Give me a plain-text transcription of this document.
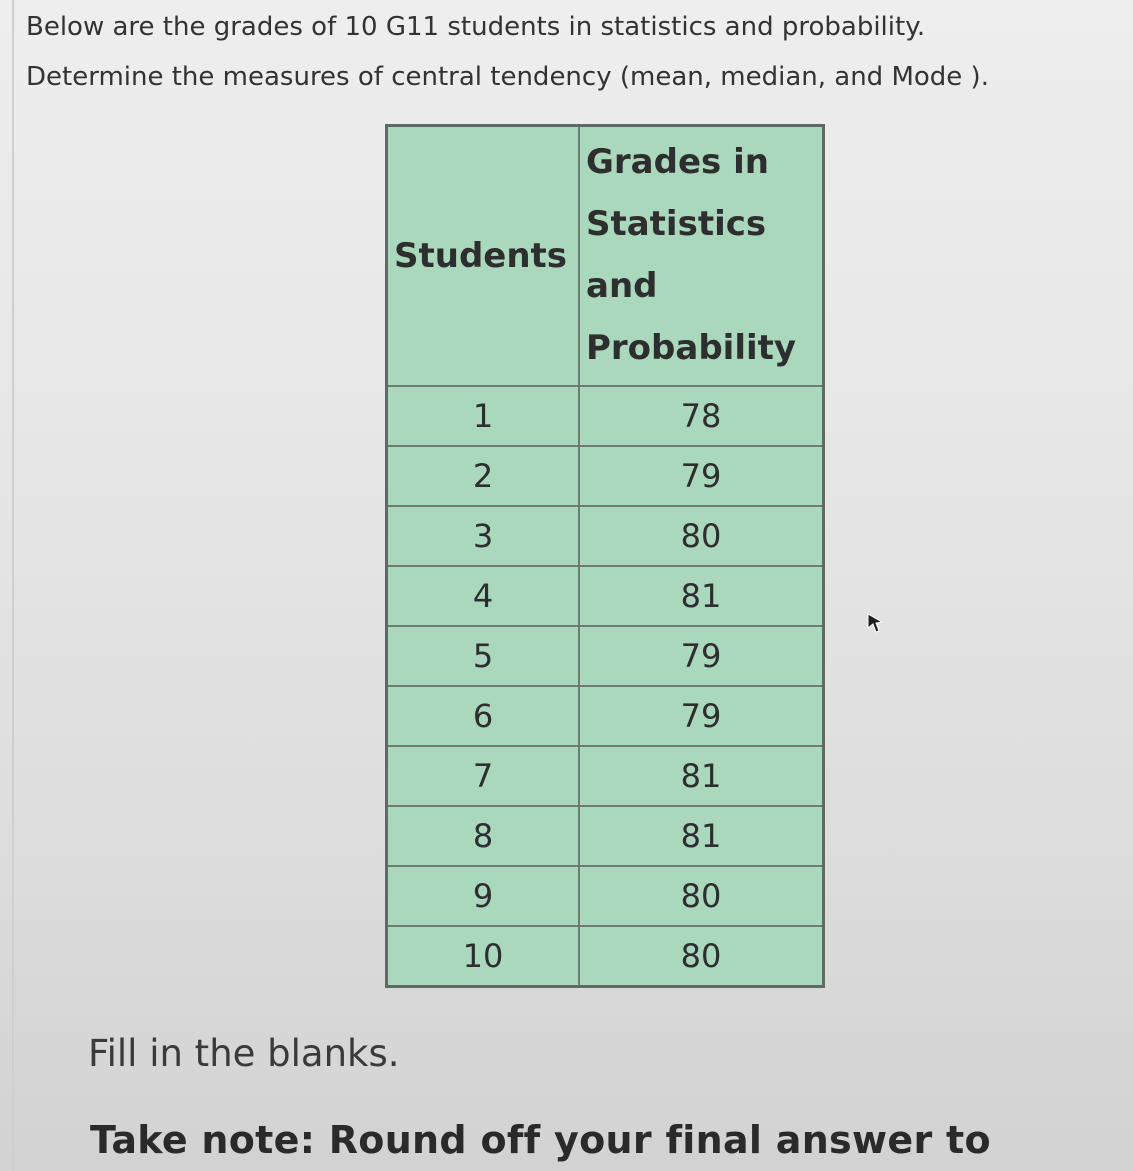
Below are the grades of 10 G11 students in statistics and probability.
Determine the measures of central tendency (mean, median, and Mode ).
Students	Grades in
Statistics
and
Probability

1	78
2	79
3	80
4	81
5	79
6	79
7	81
8	81
9	80
10	80
Fill in the blanks.
Take note: Round off your final answer to
